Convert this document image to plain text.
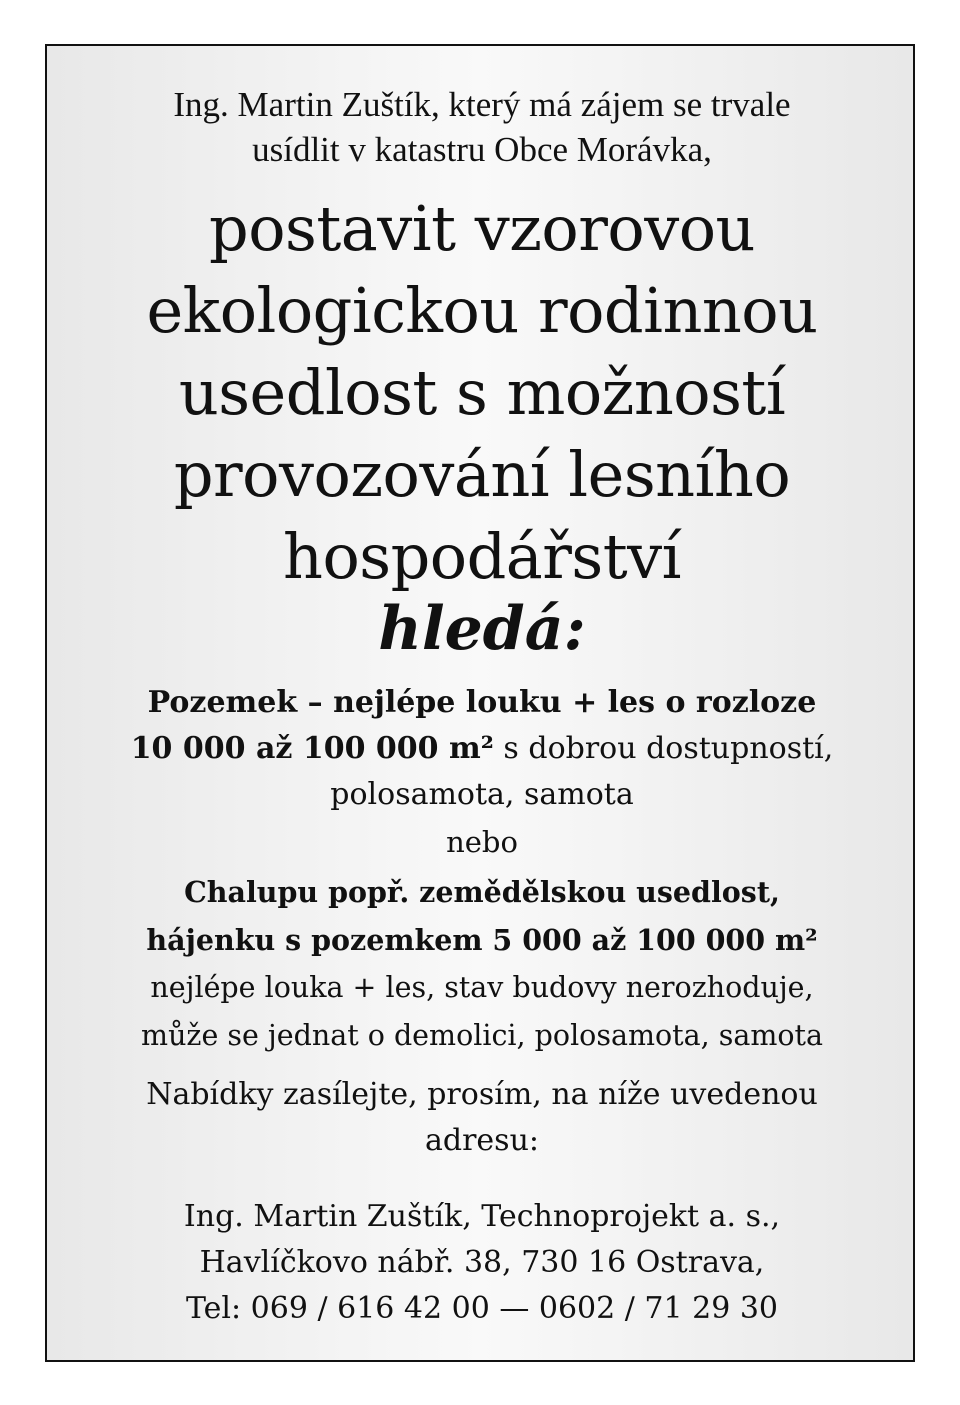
Ing. Martin Zuštík, který má zájem se trvale
usídlit v katastru Obce Morávka,

postavit vzorovou
ekologickou rodinnou
usedlost s možností
provozování lesního
hospodářství

hledá:

Pozemek – nejlépe louku + les o rozloze
10 000 až 100 000 m² s dobrou dostupností,
polosamota, samota

nebo

Chalupu popř. zemědělskou usedlost,
hájenku s pozemkem 5 000 až 100 000 m²
nejlépe louka + les, stav budovy nerozhoduje,
může se jednat o demolici, polosamota, samota

Nabídky zasílejte, prosím, na níže uvedenou
adresu:

Ing. Martin Zuštík, Technoprojekt a. s.,
Havlíčkovo nábř. 38, 730 16 Ostrava,
Tel: 069 / 616 42 00 — 0602 / 71 29 30
